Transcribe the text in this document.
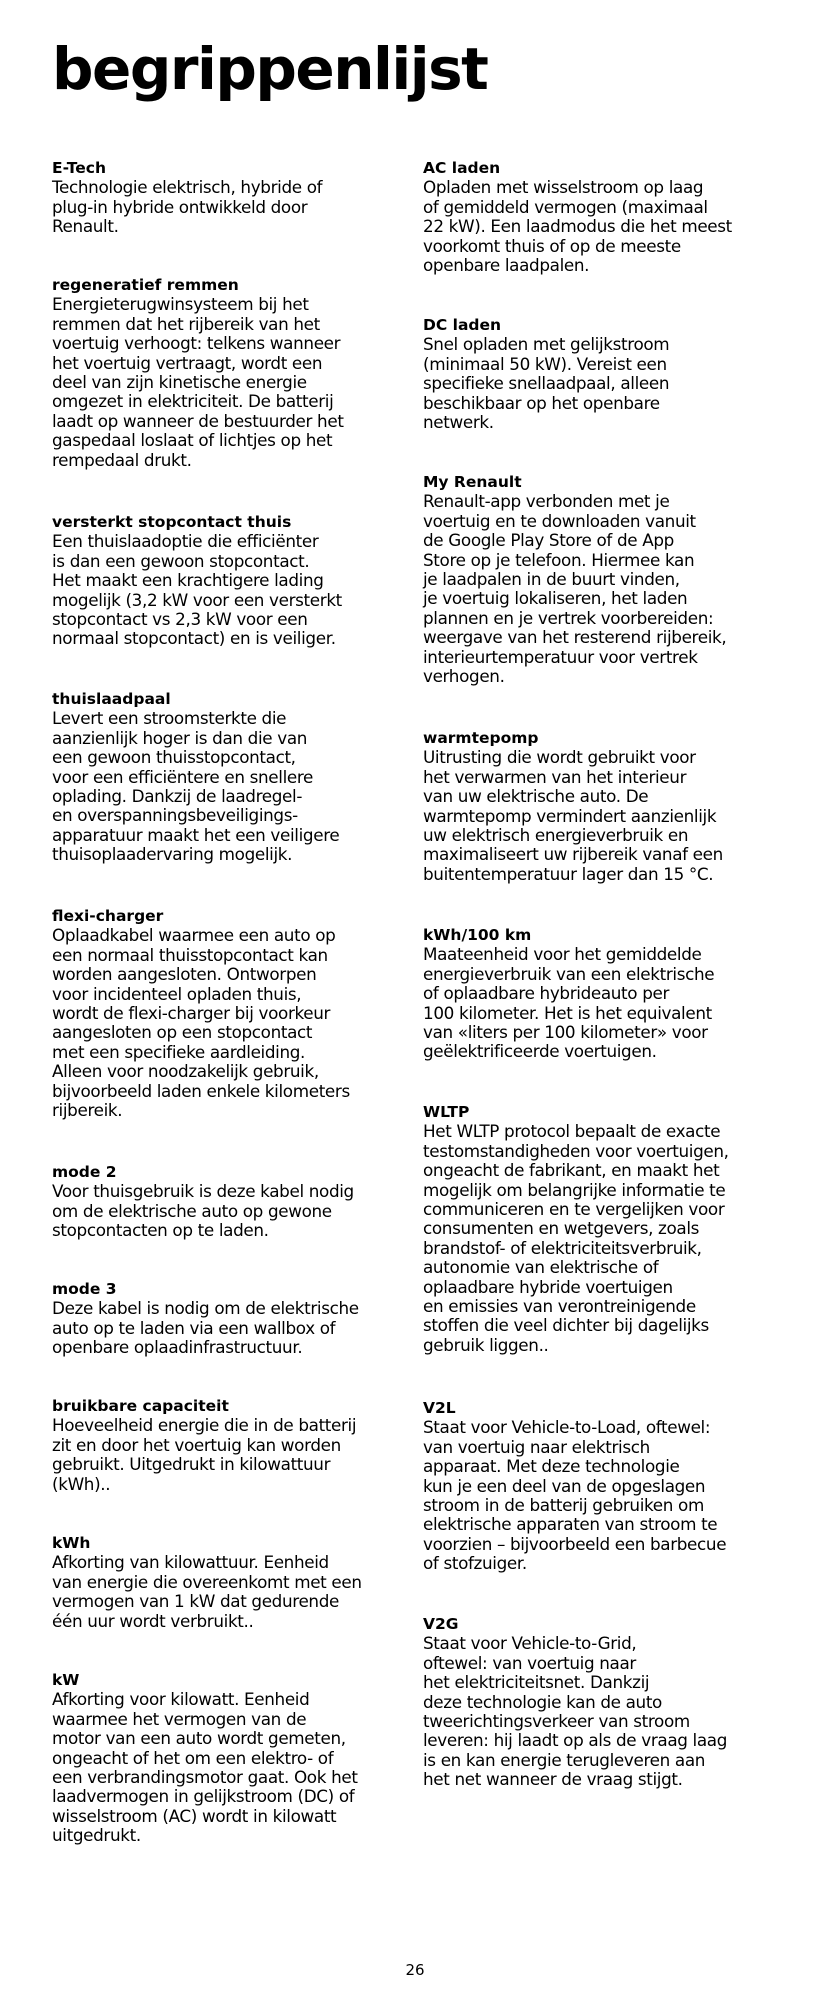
begrippenlijst
E-Tech
Technologie elektrisch, hybride of
plug-in hybride ontwikkeld door
Renault.
regeneratief remmen
Energieterugwinsysteem bij het
remmen dat het rijbereik van het
voertuig verhoogt: telkens wanneer
het voertuig vertraagt, wordt een
deel van zijn kinetische energie
omgezet in elektriciteit. De batterij
laadt op wanneer de bestuurder het
gaspedaal loslaat of lichtjes op het
rempedaal drukt.
versterkt stopcontact thuis
Een thuislaadoptie die efficiënter
is dan een gewoon stopcontact.
Het maakt een krachtigere lading
mogelijk (3,2 kW voor een versterkt
stopcontact vs 2,3 kW voor een
normaal stopcontact) en is veiliger.
thuislaadpaal
Levert een stroomsterkte die
aanzienlijk hoger is dan die van
een gewoon thuisstopcontact,
voor een efficiëntere en snellere
oplading. Dankzij de laadregel-
en overspanningsbeveiligings-
apparatuur maakt het een veiligere
thuisoplaadervaring mogelijk.
flexi-charger
Oplaadkabel waarmee een auto op
een normaal thuisstopcontact kan
worden aangesloten. Ontworpen
voor incidenteel opladen thuis,
wordt de flexi-charger bij voorkeur
aangesloten op een stopcontact
met een specifieke aardleiding.
Alleen voor noodzakelijk gebruik,
bijvoorbeeld laden enkele kilometers
rijbereik.
mode 2
Voor thuisgebruik is deze kabel nodig
om de elektrische auto op gewone
stopcontacten op te laden.
mode 3
Deze kabel is nodig om de elektrische
auto op te laden via een wallbox of
openbare oplaadinfrastructuur.
bruikbare capaciteit
Hoeveelheid energie die in de batterij
zit en door het voertuig kan worden
gebruikt. Uitgedrukt in kilowattuur
(kWh)..
kWh
Afkorting van kilowattuur. Eenheid
van energie die overeenkomt met een
vermogen van 1 kW dat gedurende
één uur wordt verbruikt..
kW
Afkorting voor kilowatt. Eenheid
waarmee het vermogen van de
motor van een auto wordt gemeten,
ongeacht of het om een elektro- of
een verbrandingsmotor gaat. Ook het
laadvermogen in gelijkstroom (DC) of
wisselstroom (AC) wordt in kilowatt
uitgedrukt.
AC laden
Opladen met wisselstroom op laag
of gemiddeld vermogen (maximaal
22 kW). Een laadmodus die het meest
voorkomt thuis of op de meeste
openbare laadpalen.
DC laden
Snel opladen met gelijkstroom
(minimaal 50 kW). Vereist een
specifieke snellaadpaal, alleen
beschikbaar op het openbare
netwerk.
My Renault
Renault-app verbonden met je
voertuig en te downloaden vanuit
de Google Play Store of de App
Store op je telefoon. Hiermee kan
je laadpalen in de buurt vinden,
je voertuig lokaliseren, het laden
plannen en je vertrek voorbereiden:
weergave van het resterend rijbereik,
interieurtemperatuur voor vertrek
verhogen.
warmtepomp
Uitrusting die wordt gebruikt voor
het verwarmen van het interieur
van uw elektrische auto. De
warmtepomp vermindert aanzienlijk
uw elektrisch energieverbruik en
maximaliseert uw rijbereik vanaf een
buitentemperatuur lager dan 15 °C.
kWh/100 km
Maateenheid voor het gemiddelde
energieverbruik van een elektrische
of oplaadbare hybrideauto per
100 kilometer. Het is het equivalent
van «liters per 100 kilometer» voor
geëlektrificeerde voertuigen.
WLTP
Het WLTP protocol bepaalt de exacte
testomstandigheden voor voertuigen,
ongeacht de fabrikant, en maakt het
mogelijk om belangrijke informatie te
communiceren en te vergelijken voor
consumenten en wetgevers, zoals
brandstof- of elektriciteitsverbruik,
autonomie van elektrische of
oplaadbare hybride voertuigen
en emissies van verontreinigende
stoffen die veel dichter bij dagelijks
gebruik liggen..
V2L
Staat voor Vehicle-to-Load, oftewel:
van voertuig naar elektrisch
apparaat. Met deze technologie
kun je een deel van de opgeslagen
stroom in de batterij gebruiken om
elektrische apparaten van stroom te
voorzien – bijvoorbeeld een barbecue
of stofzuiger.
V2G
Staat voor Vehicle-to-Grid,
oftewel: van voertuig naar
het elektriciteitsnet. Dankzij
deze technologie kan de auto
tweerichtingsverkeer van stroom
leveren: hij laadt op als de vraag laag
is en kan energie terugleveren aan
het net wanneer de vraag stijgt.
26
